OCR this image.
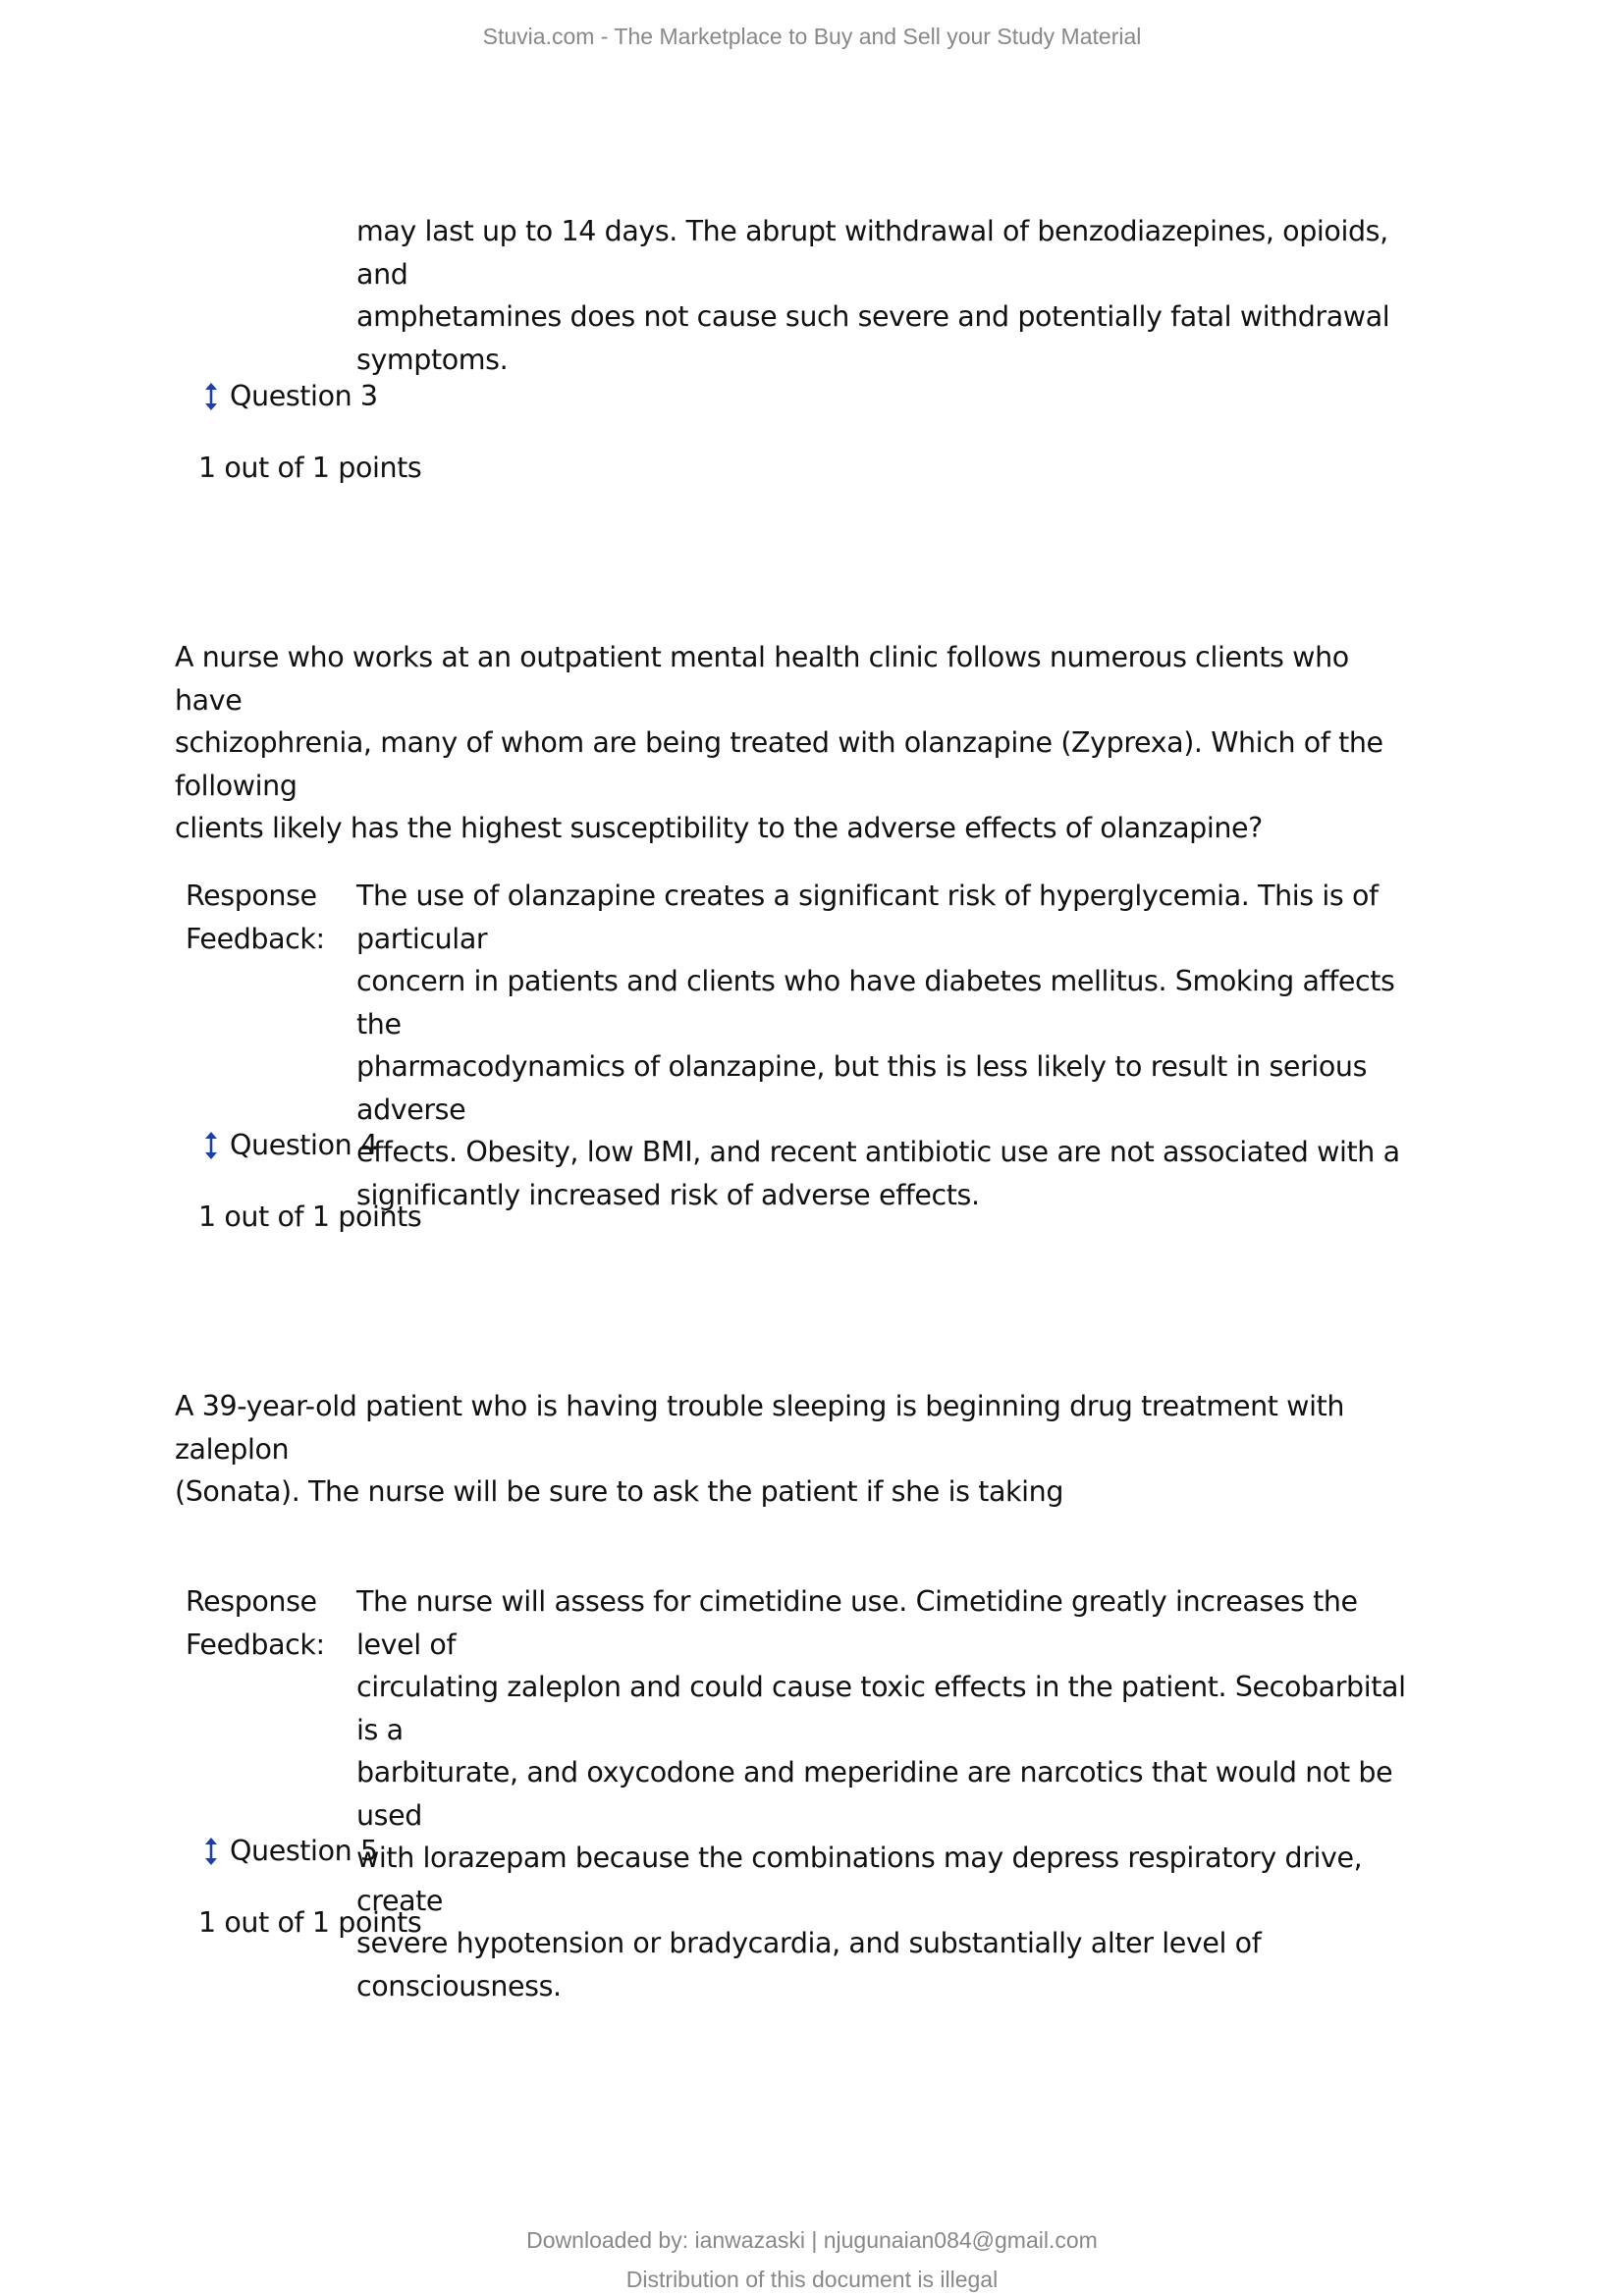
Stuvia.com - The Marketplace to Buy and Sell your Study Material
may last up to 14 days. The abrupt withdrawal of benzodiazepines, opioids, and
amphetamines does not cause such severe and potentially fatal withdrawal
symptoms.
Question 3
1 out of 1 points
A nurse who works at an outpatient mental health clinic follows numerous clients who have
schizophrenia, many of whom are being treated with olanzapine (Zyprexa). Which of the following
clients likely has the highest susceptibility to the adverse effects of olanzapine?
Response
Feedback:
The use of olanzapine creates a significant risk of hyperglycemia. This is of particular
concern in patients and clients who have diabetes mellitus. Smoking affects the
pharmacodynamics of olanzapine, but this is less likely to result in serious adverse
effects. Obesity, low BMI, and recent antibiotic use are not associated with a
significantly increased risk of adverse effects.
Question 4
1 out of 1 points
A 39-year-old patient who is having trouble sleeping is beginning drug treatment with zaleplon
(Sonata). The nurse will be sure to ask the patient if she is taking
Response
Feedback:
The nurse will assess for cimetidine use. Cimetidine greatly increases the level of
circulating zaleplon and could cause toxic effects in the patient. Secobarbital is a
barbiturate, and oxycodone and meperidine are narcotics that would not be used
with lorazepam because the combinations may depress respiratory drive, create
severe hypotension or bradycardia, and substantially alter level of consciousness.
Question 5
1 out of 1 points
Downloaded by: ianwazaski | njugunaian084@gmail.com
Distribution of this document is illegal
